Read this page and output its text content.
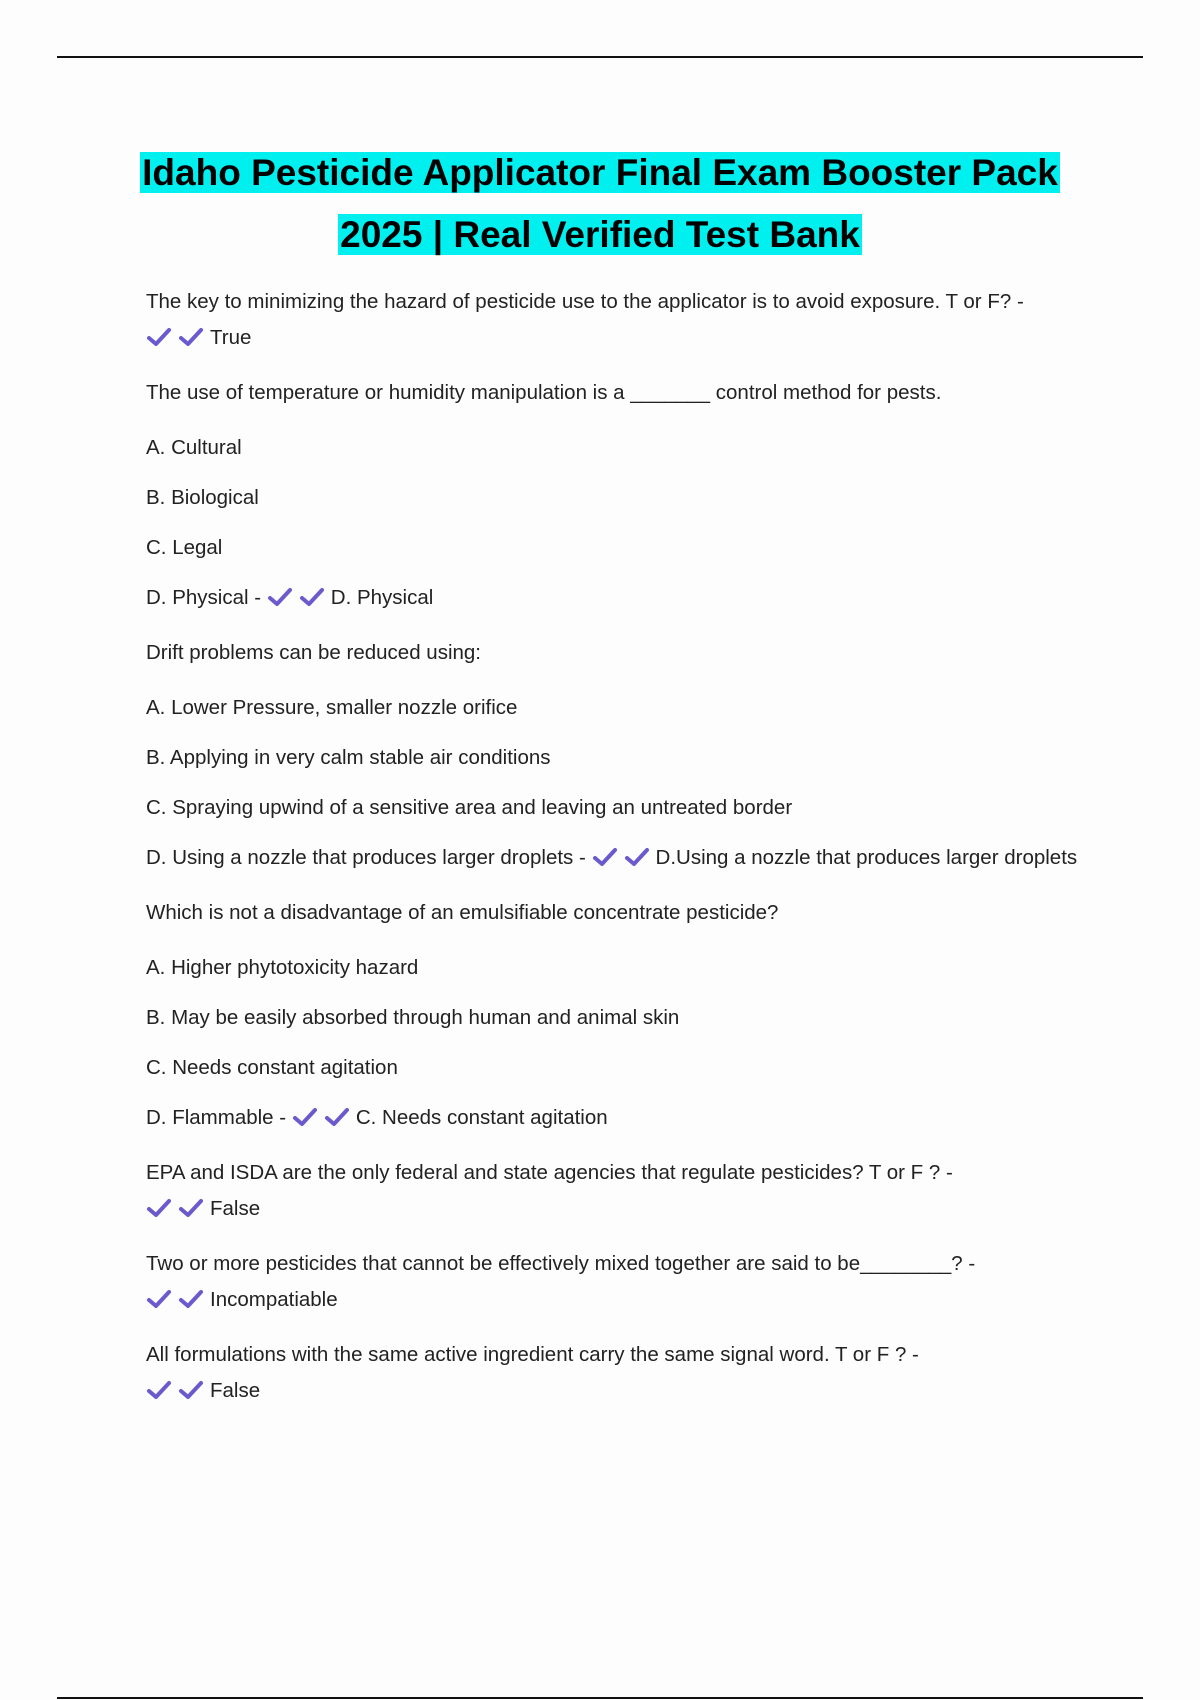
Idaho Pesticide Applicator Final Exam Booster Pack
2025 | Real Verified Test Bank
The key to minimizing the hazard of pesticide use to the applicator is to avoid exposure. T or F? -
True
The use of temperature or humidity manipulation is a _______ control method for pests.
A. Cultural
B. Biological
C. Legal
D. Physical -	D. Physical
Drift problems can be reduced using:
A. Lower Pressure, smaller nozzle orifice
B. Applying in very calm stable air conditions
C. Spraying upwind of a sensitive area and leaving an untreated border
D. Using a nozzle that produces larger droplets -	D.Using a nozzle that produces larger droplets
Which is not a disadvantage of an emulsifiable concentrate pesticide?
A. Higher phytotoxicity hazard
B. May be easily absorbed through human and animal skin
C. Needs constant agitation
D. Flammable -	C. Needs constant agitation
EPA and ISDA are the only federal and state agencies that regulate pesticides? T or F ? -
False
Two or more pesticides that cannot be effectively mixed together are said to be________? -
Incompatiable
All formulations with the same active ingredient carry the same signal word. T or F ? -
False
